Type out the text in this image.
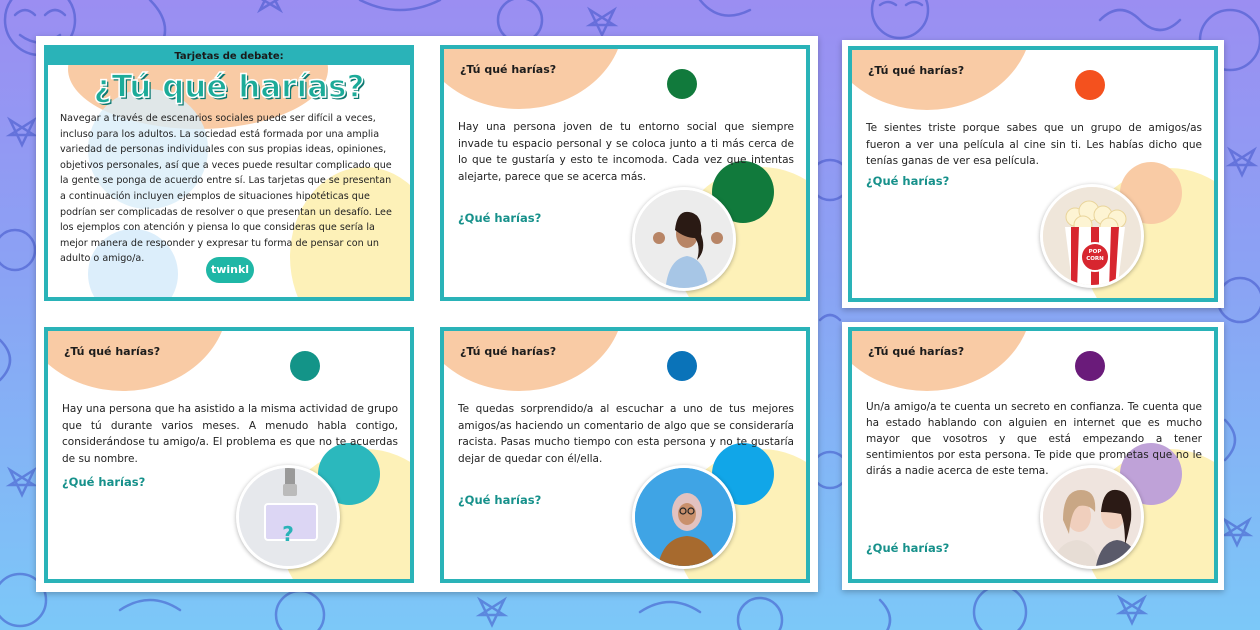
Tarjetas de debate:
¿Tú qué harías?
Navegar a través de escenarios sociales puede ser difícil a veces, incluso para los adultos. La sociedad está formada por una amplia variedad de personas individuales con sus propias ideas, opiniones, objetivos personales, así que a veces puede resultar complicado que la gente se ponga de acuerdo entre sí. Las tarjetas que se presentan a continuación incluyen ejemplos de situaciones hipotéticas que podrían ser complicadas de resolver o que presentan un desafío. Lee los ejemplos con atención y piensa lo que consideras que sería la mejor manera de responder y expresar tu forma de pensar con un adulto o amigo/a.
twinkl
¿Tú qué harías?
Hay una persona joven de tu entorno social que siempre invade tu espacio personal y se coloca junto a ti más cerca de lo que te gustaría y esto te incomoda. Cada vez que intentas alejarte, parece que se acerca más.
¿Qué harías?
¿Tú qué harías?
Te sientes triste porque sabes que un grupo de amigos/as fueron a ver una película al cine sin ti. Les habías dicho que tenías ganas de ver esa película.
¿Qué harías?
POP CORN
¿Tú qué harías?
Hay una persona que ha asistido a la misma actividad de grupo que tú durante varios meses. A menudo habla contigo, considerándose tu amigo/a. El problema es que no te acuerdas de su nombre.
¿Qué harías?
?
¿Tú qué harías?
Te quedas sorprendido/a al escuchar a uno de tus mejores amigos/as haciendo un comentario de algo que se consideraría racista. Pasas mucho tiempo con esta persona y no te gustaría dejar de quedar con él/ella.
¿Qué harías?
¿Tú qué harías?
Un/a amigo/a te cuenta un secreto en confianza. Te cuenta que ha estado hablando con alguien en internet que es mucho mayor que vosotros y que está empezando a tener sentimientos por esta persona. Te pide que prometas que no le dirás a nadie acerca de este tema.
¿Qué harías?
